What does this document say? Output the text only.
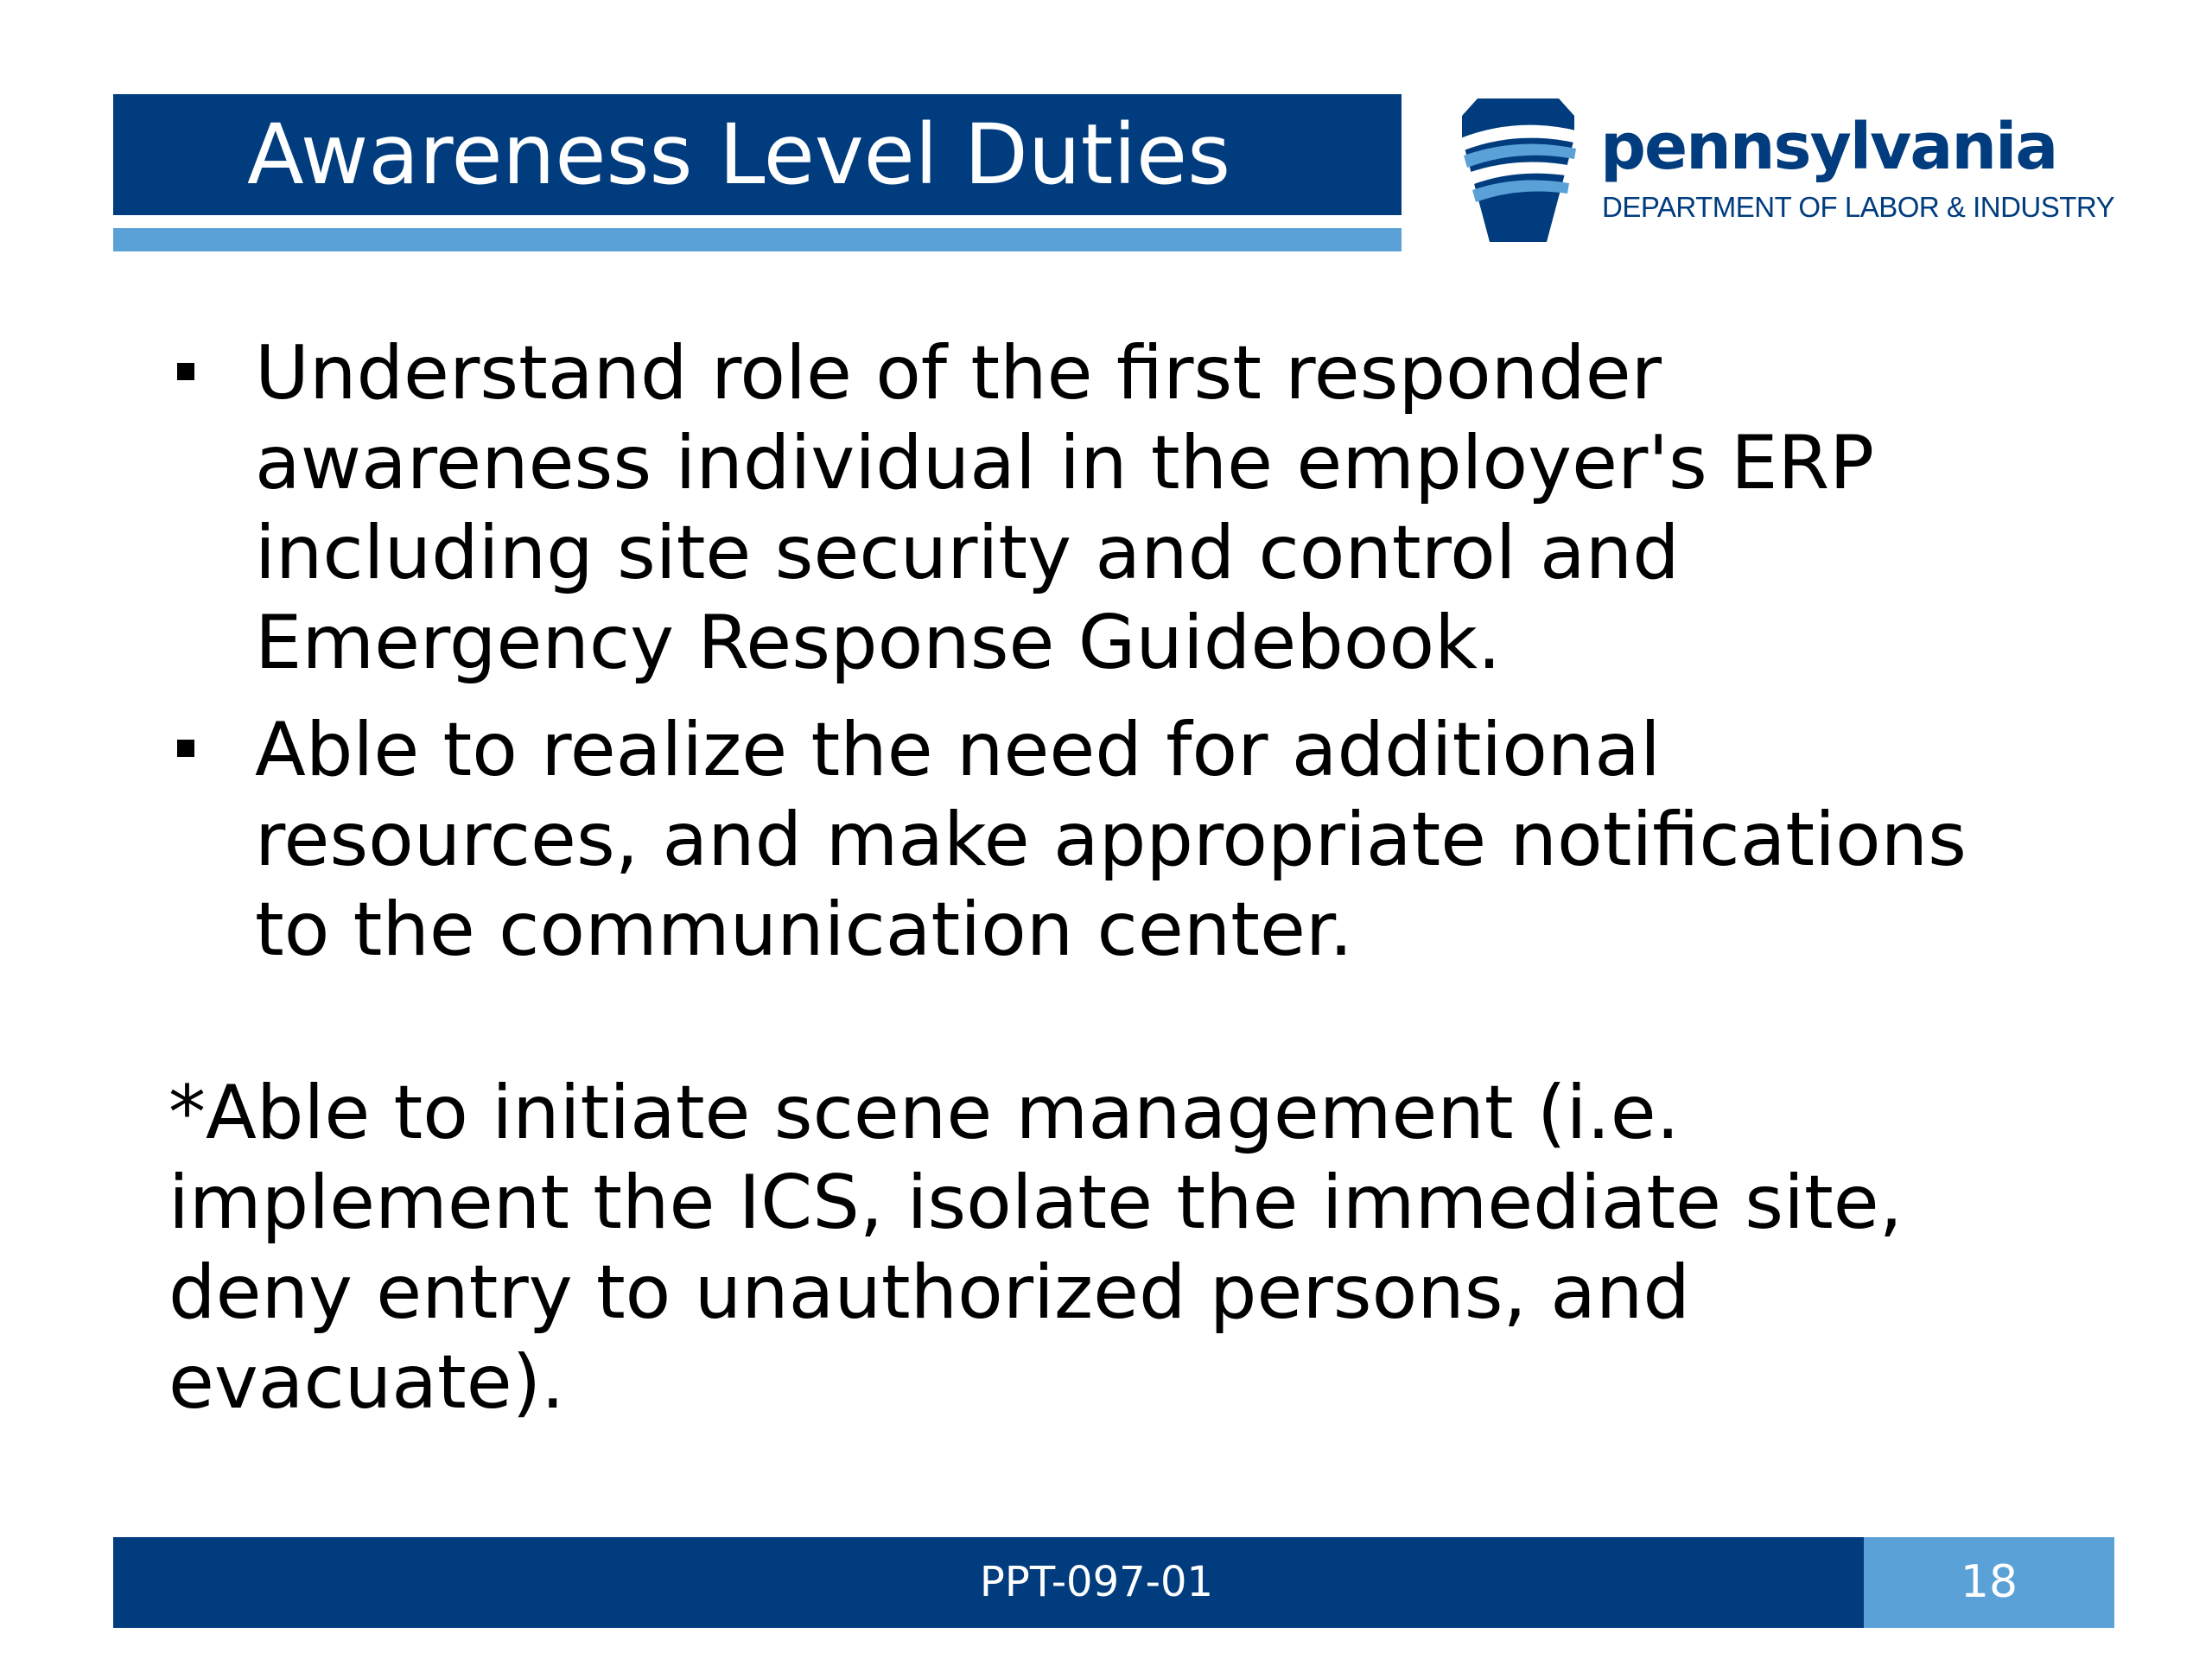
Awareness Level Duties	pennsylvania
DEPARTMENT OF LABOR & INDUSTRY
Understand role of the first responder awareness individual in the employer's ERP including site security and control and Emergency Response Guidebook.
Able to realize the need for additional resources, and make appropriate notifications to the communication center.

*Able to initiate scene management (i.e. implement the ICS, isolate the immediate site, deny entry to unauthorized persons, and evacuate).

PPT-097-01	18
